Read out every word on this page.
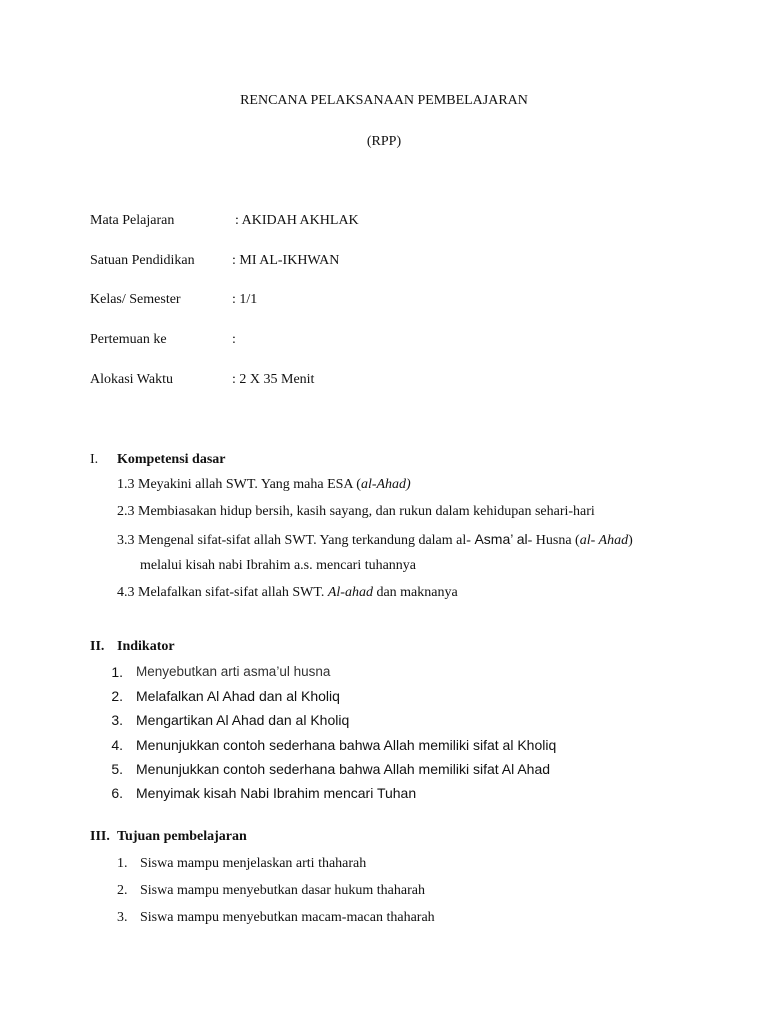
RENCANA PELAKSANAAN PEMBELAJARAN
(RPP)
Mata Pelajaran	: AKIDAH AKHLAK
Satuan Pendidikan	: MI AL-IKHWAN
Kelas/ Semester	: 1/1
Pertemuan ke	:
Alokasi Waktu	: 2 X 35 Menit
I. Kompetensi dasar
1.3 Meyakini allah SWT. Yang maha ESA (al-Ahad)
2.3 Membiasakan hidup bersih, kasih sayang, dan rukun dalam kehidupan sehari-hari
3.3 Mengenal sifat-sifat allah SWT. Yang terkandung dalam al- Asma’ al- Husna (al- Ahad)
melalui kisah nabi Ibrahim a.s. mencari tuhannya
4.3 Melafalkan sifat-sifat allah SWT. Al-ahad dan maknanya
II. Indikator
1. Menyebutkan arti asma’ul husna
2. Melafalkan Al Ahad dan al Kholiq
3. Mengartikan Al Ahad dan al Kholiq
4. Menunjukkan contoh sederhana bahwa Allah memiliki sifat al Kholiq
5. Menunjukkan contoh sederhana bahwa Allah memiliki sifat Al Ahad
6. Menyimak kisah Nabi Ibrahim mencari Tuhan
III. Tujuan pembelajaran
1. Siswa mampu menjelaskan arti thaharah
2. Siswa mampu menyebutkan dasar hukum thaharah
3. Siswa mampu menyebutkan macam-macan thaharah
